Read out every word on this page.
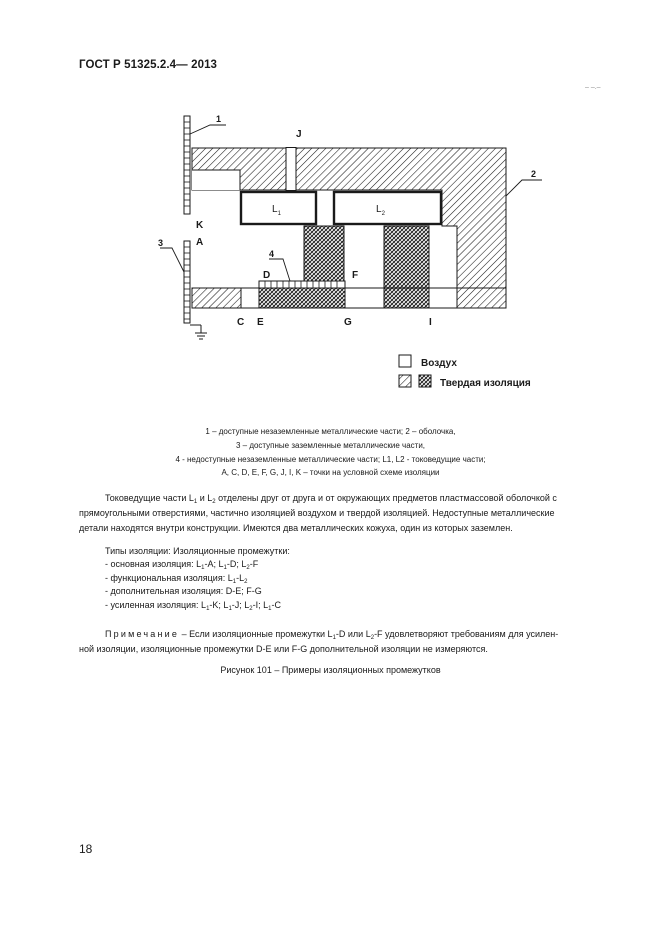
ГОСТ Р 51325.2.4— 2013
– –.–
$L_1$	$L_2$
1
2
3
4
J
K
A
D	F
C E	G	I
Воздух
Твердая изоляция
1 – доступные незаземленные металлические части; 2 – оболочка,
3 – доступные заземленные металлические части,
4 - недоступные незаземленные металлические части; L1, L2 - токоведущие части;
A, C, D, E, F, G, J, I, K – точки на условной схеме изоляции
Токоведущие части $L_1$ и $L_2$ отделены друг от друга и от окружающих предметов пластмассовой оболочкой с
прямоугольными отверстиями, частично изоляцией воздухом и твердой изоляцией. Недоступные металлические
детали находятся внутри конструкции. Имеются два металлических кожуха, один из которых заземлен.
Типы изоляции: Изоляционные промежутки:
- основная изоляция: $L_1-A$; $L_1-D$; $L_2-F$
- функциональная изоляция: $L_1-L_2$
- дополнительная изоляция: D-E; F-G
- усиленная изоляция: $L_1-K$; $L_1-J$; $L_2-I$; $L_1-C$
Примечание – Если изоляционные промежутки $L_1-D$ или $L_2-F$ удовлетворяют требованиям для усилен-
ной изоляции, изоляционные промежутки D-E или F-G дополнительной изоляции не измеряются.
Рисунок 101 – Примеры изоляционных промежутков
18
